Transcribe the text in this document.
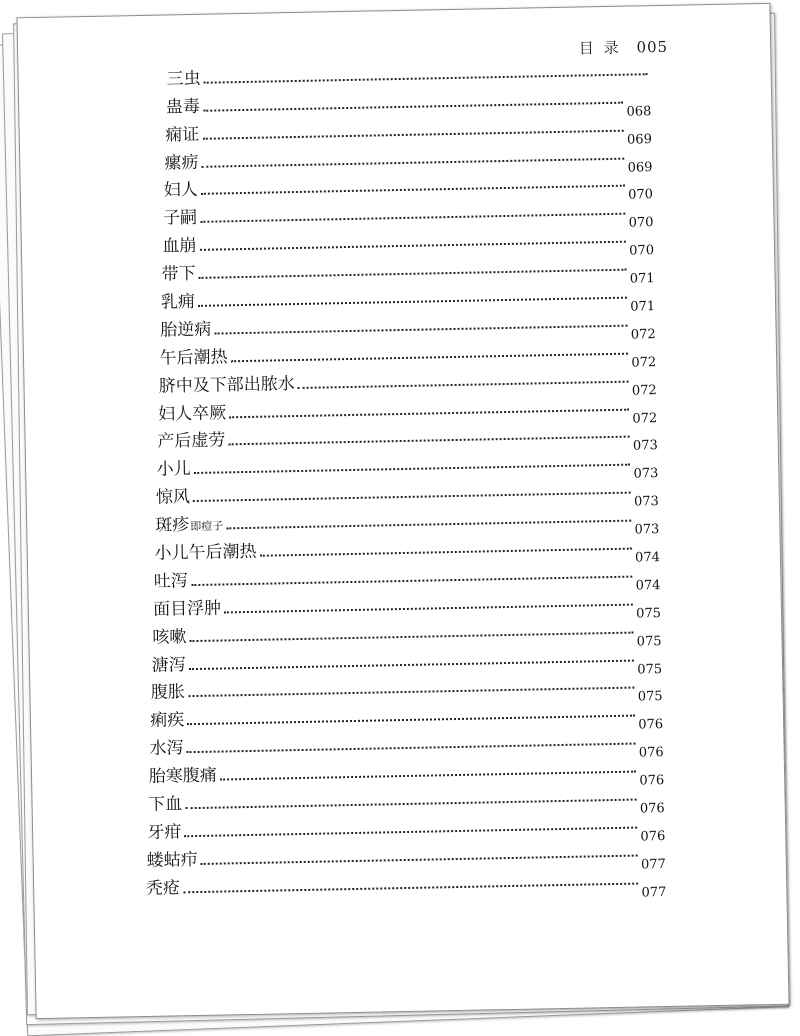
目录 005
三虫
蛊毒	068
痫证	069
瘰疬	069
妇人	070
子嗣	070
血崩	070
带下	071
乳痈	071
胎逆病	072
午后潮热	072
脐中及下部出脓水	072
妇人卒厥	072
产后虚劳	073
小儿	073
惊风	073
斑疹 即痘子	073
小儿午后潮热	074
吐泻	074
面目浮肿	075
咳嗽	075
溏泻	075
腹胀	075
痢疾	076
水泻	076
胎寒腹痛	076
下血	076
牙疳	076
蝼蛄疖	077
秃疮	077
